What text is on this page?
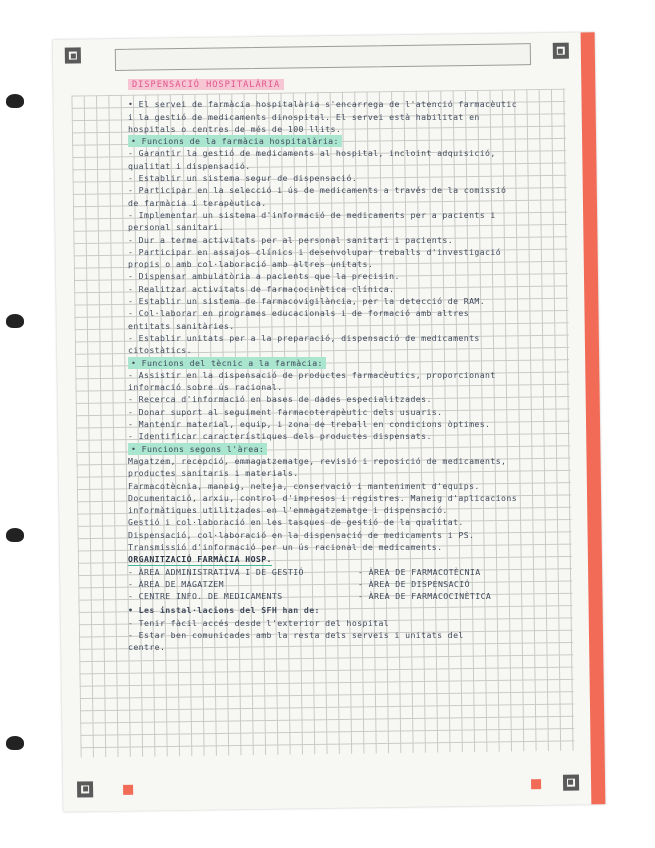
DISPENSACIÓ HOSPITALÀRIA
• El servei de farmàcia hospitalària s'encarrega de l'atenció farmacèutic
i la gestió de medicaments dinospital. El servei està habilitat en
hospitals o centres de més de 100 llits.
• Funcions de la farmàcia hospitalària:
- Garantir la gestió de medicaments al hospital, incloint adquisició,
qualitat i dispensació.
- Establir un sistema segur de dispensació.
- Participar en la selecció i ús de medicaments a través de la comissió
de farmàcia i terapèutica.
- Implementar un sistema d'informació de medicaments per a pacients i
personal sanitari.
- Dur a terme activitats per al personal sanitari i pacients.
- Participar en assajos clínics i desenvolupar treballs d'investigació
propis o amb col·laboració amb altres unitats.
- Dispensar ambulatòria a pacients que la precisin.
- Realitzar activitats de farmacocinètica clínica.
- Establir un sistema de farmacovigilància, per la detecció de RAM.
- Col·laborar en programes educacionals i de formació amb altres
entitats sanitàries.
- Establir unitats per a la preparació, dispensació de medicaments
citostàtics.
• Funcions del tècnic a la farmàcia:
- Assistir en la dispensació de productes farmacèutics, proporcionant
informació sobre ús racional.
- Recerca d'informació en bases de dades especialitzades.
- Donar suport al seguiment farmacoterapèutic dels usuaris.
- Mantenir material, equip, i zona de treball en condicions òptimes.
- Identificar característiques dels productes dispensats.
• Funcions segons l'àrea:
Magatzem, recepció, emmagatzematge, revisió i reposició de medicaments,
productes sanitaris i materials.
Farmacotècnia, maneig, neteja, conservació i manteniment d'equips.
Documentació, arxiu, control d'impresos i registres. Maneig d'aplicacions
informàtiques utilitzades en l'emmagatzematge i dispensació.
Gestió i col·laboració en les tasques de gestió de la qualitat.
Dispensació, col·laboració en la dispensació de medicaments i PS.
Transmissió d'informació per un ús racional de medicaments.
ORGANITZACIÓ FARMÀCIA HOSP.
- ÀREA ADMINISTRATIVA I DE GESTIÓ
- ÀREA DE MAGATZEM
- CENTRE INFO. DE MEDICAMENTS
- ÀREA DE FARMACOTÈCNIA
- ÀREA DE DISPENSACIÓ
- ÀREA DE FARMACOCINÈTICA
• Les instal·lacions del SFH han de:
- Tenir fàcil accés desde l'exterior del hospital
- Estar ben comunicades amb la resta dels serveis i unitats del
centre.
